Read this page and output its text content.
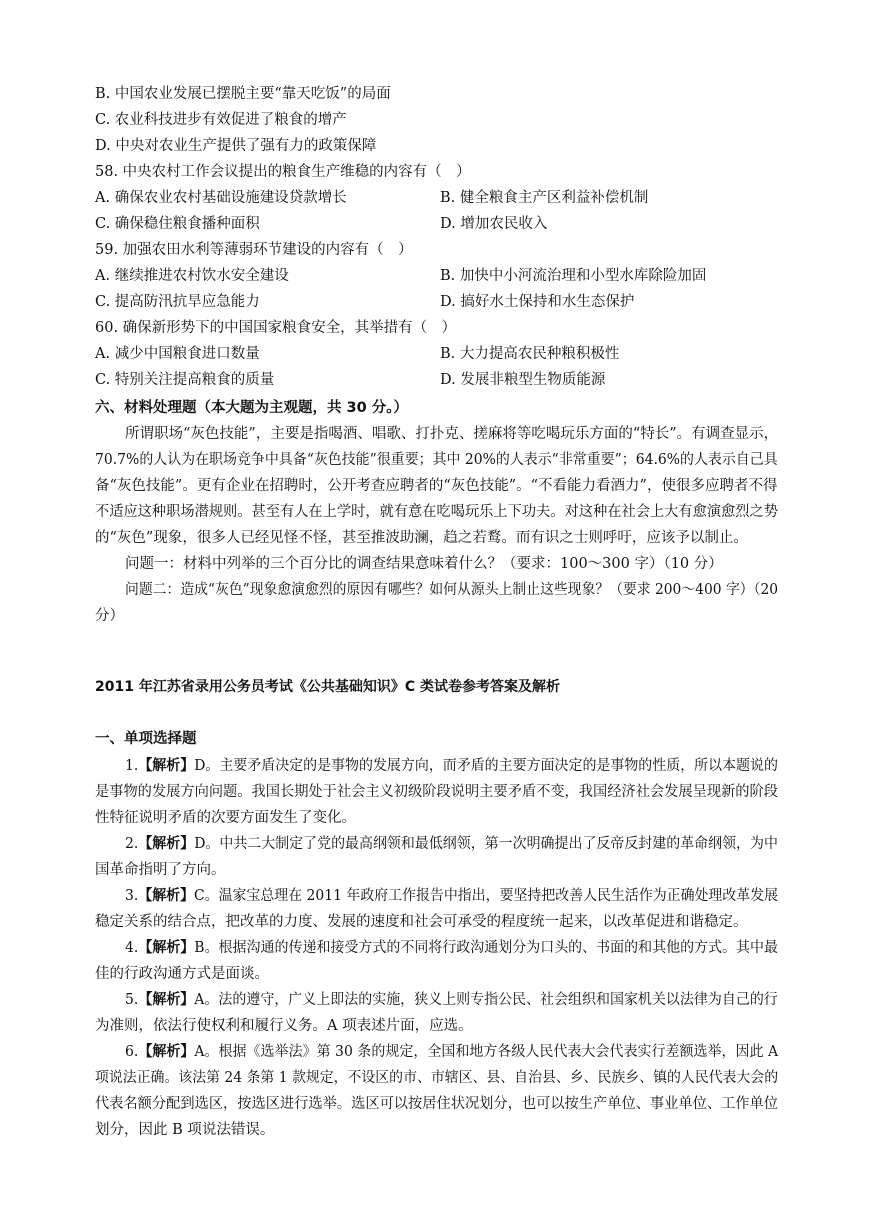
B. 中国农业发展已摆脱主要“靠天吃饭”的局面
C. 农业科技进步有效促进了粮食的增产
D. 中央对农业生产提供了强有力的政策保障
58. 中央农村工作会议提出的粮食生产维稳的内容有（　）
A. 确保农业农村基础设施建设贷款增长	B. 健全粮食主产区利益补偿机制
C. 确保稳住粮食播种面积	D. 增加农民收入
59. 加强农田水利等薄弱环节建设的内容有（　）
A. 继续推进农村饮水安全建设	B. 加快中小河流治理和小型水库除险加固
C. 提高防汛抗旱应急能力	D. 搞好水土保持和水生态保护
60. 确保新形势下的中国国家粮食安全，其举措有（　）
A. 减少中国粮食进口数量	B. 大力提高农民种粮积极性
C. 特别关注提高粮食的质量	D. 发展非粮型生物质能源
六、材料处理题（本大题为主观题，共 30 分。）
所谓职场“灰色技能”，主要是指喝酒、唱歌、打扑克、搓麻将等吃喝玩乐方面的“特长”。有调查显示，
70.7%的人认为在职场竞争中具备“灰色技能”很重要；其中 20%的人表示“非常重要”；64.6%的人表示自己具
备“灰色技能”。更有企业在招聘时，公开考查应聘者的“灰色技能”。“不看能力看酒力”，使很多应聘者不得
不适应这种职场潜规则。甚至有人在上学时，就有意在吃喝玩乐上下功夫。对这种在社会上大有愈演愈烈之势
的“灰色”现象，很多人已经见怪不怪，甚至推波助澜，趋之若鹜。而有识之士则呼吁，应该予以制止。
问题一：材料中列举的三个百分比的调查结果意味着什么？（要求：100～300 字）（10 分）
问题二：造成“灰色”现象愈演愈烈的原因有哪些？如何从源头上制止这些现象？（要求 200～400 字）（20
分）
2011 年江苏省录用公务员考试《公共基础知识》C 类试卷参考答案及解析
一、单项选择题
1.【解析】D。主要矛盾决定的是事物的发展方向，而矛盾的主要方面决定的是事物的性质，所以本题说的
是事物的发展方向问题。我国长期处于社会主义初级阶段说明主要矛盾不变，我国经济社会发展呈现新的阶段
性特征说明矛盾的次要方面发生了变化。
2.【解析】D。中共二大制定了党的最高纲领和最低纲领，第一次明确提出了反帝反封建的革命纲领，为中
国革命指明了方向。
3.【解析】C。温家宝总理在 2011 年政府工作报告中指出，要坚持把改善人民生活作为正确处理改革发展
稳定关系的结合点，把改革的力度、发展的速度和社会可承受的程度统一起来，以改革促进和谐稳定。
4.【解析】B。根据沟通的传递和接受方式的不同将行政沟通划分为口头的、书面的和其他的方式。其中最
佳的行政沟通方式是面谈。
5.【解析】A。法的遵守，广义上即法的实施，狭义上则专指公民、社会组织和国家机关以法律为自己的行
为准则，依法行使权利和履行义务。A 项表述片面，应选。
6.【解析】A。根据《选举法》第 30 条的规定，全国和地方各级人民代表大会代表实行差额选举，因此 A
项说法正确。该法第 24 条第 1 款规定，不设区的市、市辖区、县、自治县、乡、民族乡、镇的人民代表大会的
代表名额分配到选区，按选区进行选举。选区可以按居住状况划分，也可以按生产单位、事业单位、工作单位
划分，因此 B 项说法错误。
